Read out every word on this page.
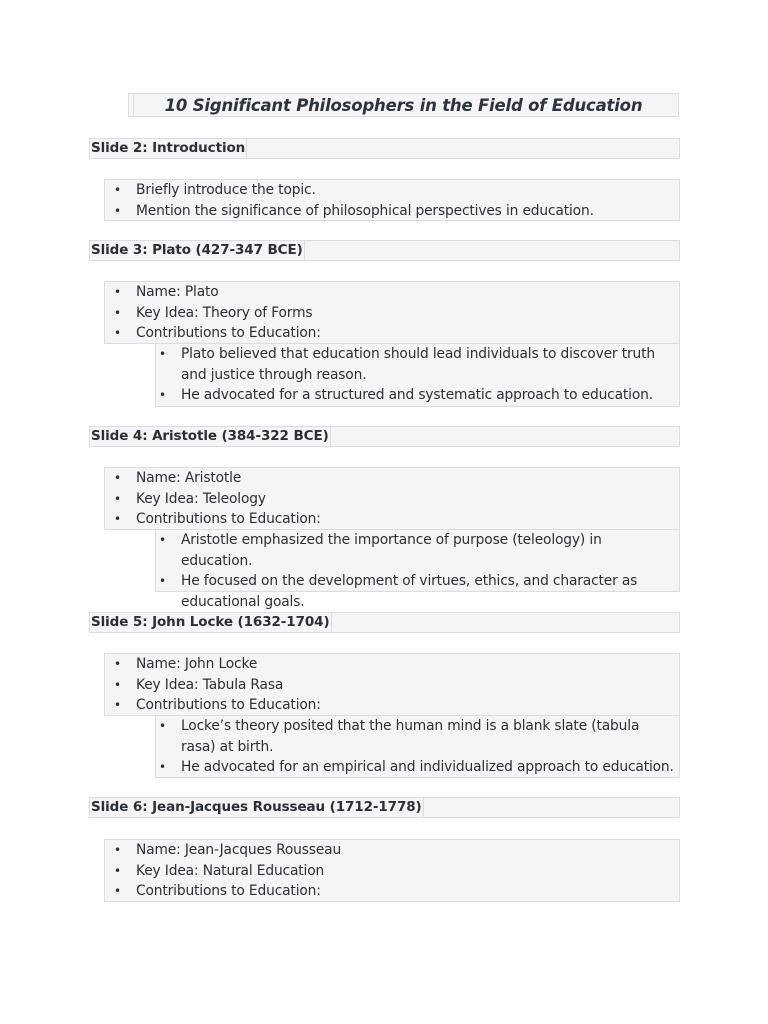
10 Significant Philosophers in the Field of Education
Slide 2: Introduction
• Briefly introduce the topic.
• Mention the significance of philosophical perspectives in education.
Slide 3: Plato (427-347 BCE)
• Name: Plato
• Key Idea: Theory of Forms
• Contributions to Education:
• Plato believed that education should lead individuals to discover truth and justice through reason.
• He advocated for a structured and systematic approach to education.
Slide 4: Aristotle (384-322 BCE)
• Name: Aristotle
• Key Idea: Teleology
• Contributions to Education:
• Aristotle emphasized the importance of purpose (teleology) in education.
• He focused on the development of virtues, ethics, and character as educational goals.
Slide 5: John Locke (1632-1704)
• Name: John Locke
• Key Idea: Tabula Rasa
• Contributions to Education:
• Locke’s theory posited that the human mind is a blank slate (tabula rasa) at birth.
• He advocated for an empirical and individualized approach to education.
Slide 6: Jean-Jacques Rousseau (1712-1778)
• Name: Jean-Jacques Rousseau
• Key Idea: Natural Education
• Contributions to Education:
